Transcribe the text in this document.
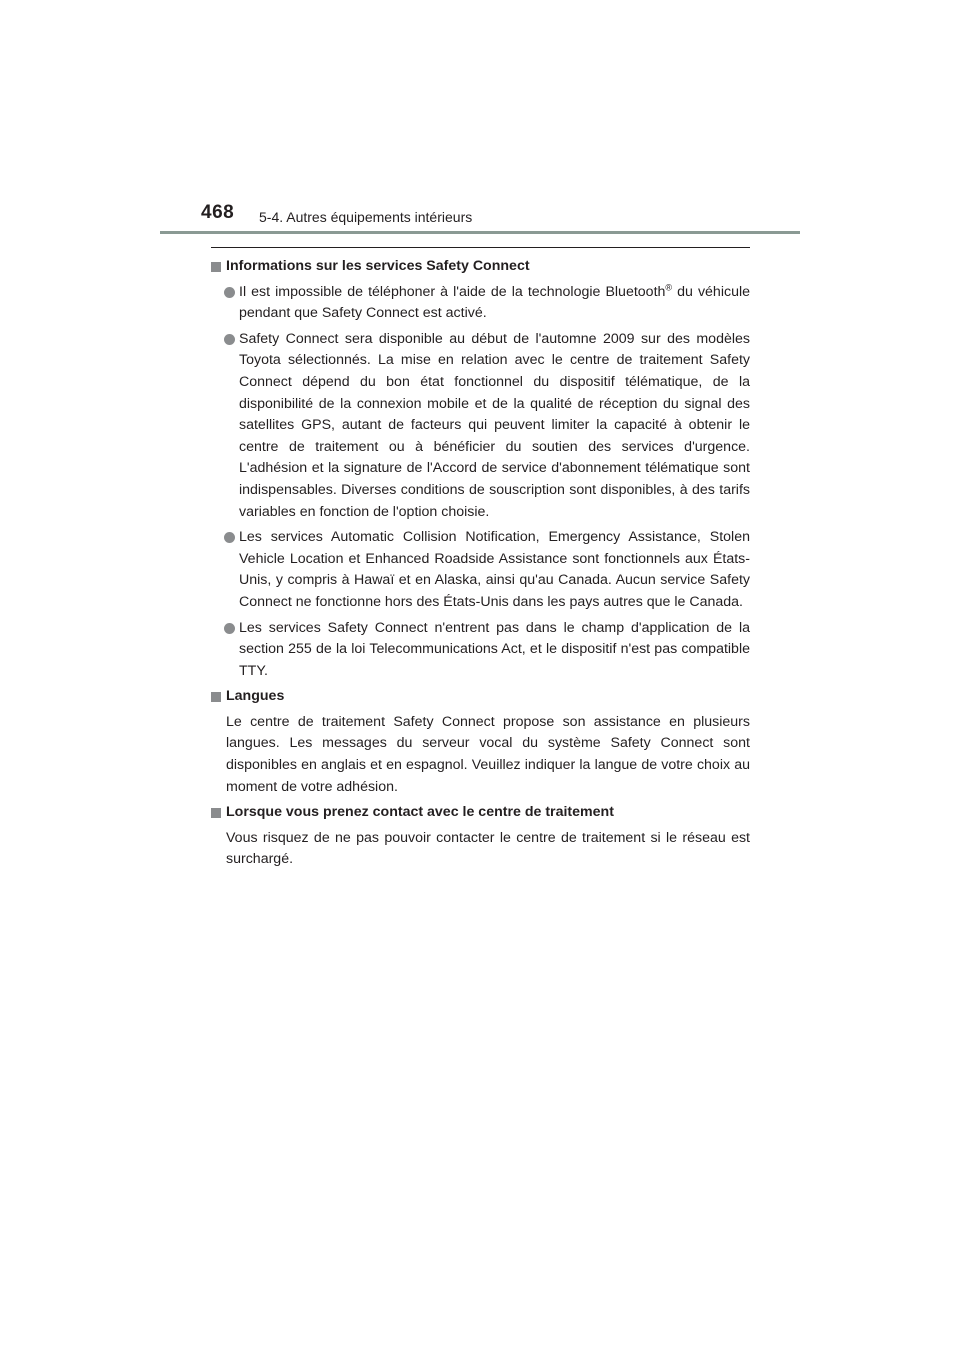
468 5-4. Autres équipements intérieurs
Informations sur les services Safety Connect
Il est impossible de téléphoner à l'aide de la technologie Bluetooth® du véhicule pendant que Safety Connect est activé.
Safety Connect sera disponible au début de l'automne 2009 sur des modèles Toyota sélectionnés. La mise en relation avec le centre de traitement Safety Connect dépend du bon état fonctionnel du dispositif télématique, de la disponibilité de la connexion mobile et de la qualité de réception du signal des satellites GPS, autant de facteurs qui peuvent limiter la capacité à obtenir le centre de traitement ou à bénéficier du soutien des services d'urgence. L'adhésion et la signature de l'Accord de service d'abonnement télématique sont indispensables. Diverses conditions de souscription sont disponibles, à des tarifs variables en fonction de l'option choisie.
Les services Automatic Collision Notification, Emergency Assistance, Stolen Vehicle Location et Enhanced Roadside Assistance sont fonctionnels aux États-Unis, y compris à Hawaï et en Alaska, ainsi qu'au Canada. Aucun service Safety Connect ne fonctionne hors des États-Unis dans les pays autres que le Canada.
Les services Safety Connect n'entrent pas dans le champ d'application de la section 255 de la loi Telecommunications Act, et le dispositif n'est pas compatible TTY.
Langues
Le centre de traitement Safety Connect propose son assistance en plusieurs langues. Les messages du serveur vocal du système Safety Connect sont disponibles en anglais et en espagnol. Veuillez indiquer la langue de votre choix au moment de votre adhésion.
Lorsque vous prenez contact avec le centre de traitement
Vous risquez de ne pas pouvoir contacter le centre de traitement si le réseau est surchargé.
